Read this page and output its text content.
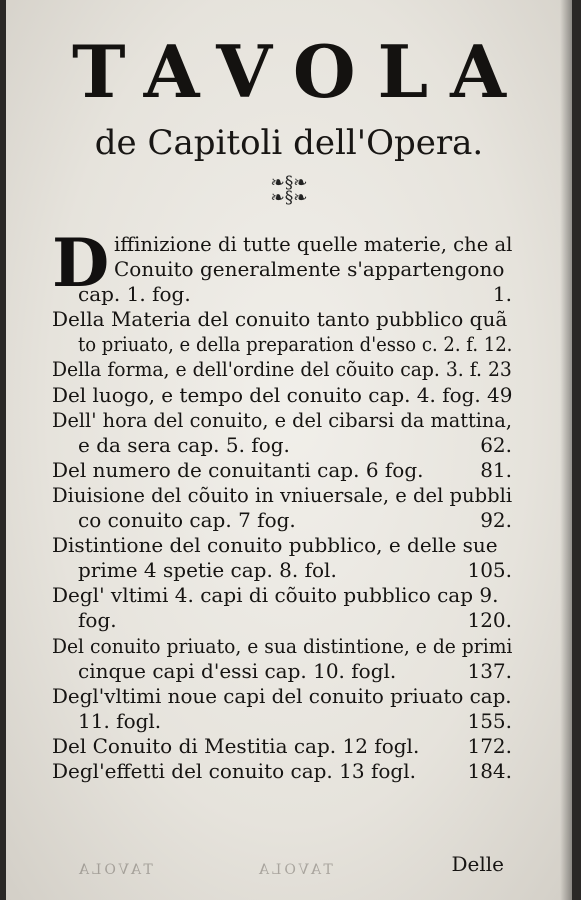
TAVOLA
de Capitoli dell'Opera.
❧§❧
❧§❧
D iffinizione di tutte quelle materie, che al
Conuito generalmente s'appartengono
cap. 1. fog.	1.
Della Materia del conuito tanto pubblico quã
to priuato, e della preparation d'esso c. 2. f. 12.
Della forma, e dell'ordine del cõuito cap. 3. f. 23
Del luogo, e tempo del conuito cap. 4. fog. 49
Dell' hora del conuito, e del cibarsi da mattina,
e da sera cap. 5. fog.	62.
Del numero de conuitanti cap. 6 fog.	81.
Diuisione del cõuito in vniuersale, e del pubbli
co conuito cap. 7 fog.	92.
Distintione del conuito pubblico, e delle sue
prime 4 spetie cap. 8. fol.	105.
Degl' vltimi 4. capi di cõuito pubblico cap 9.
fog.	120.
Del conuito priuato, e sua distintione, e de primi
cinque capi d'essi cap. 10. fogl.	137.
Degl'vltimi noue capi del conuito priuato cap.
11. fogl.	155.
Del Conuito di Mestitia cap. 12 fogl. 172.
Degl'effetti del conuito cap. 13 fogl.	184.
TAVOLA	TAVOLA	Delle
